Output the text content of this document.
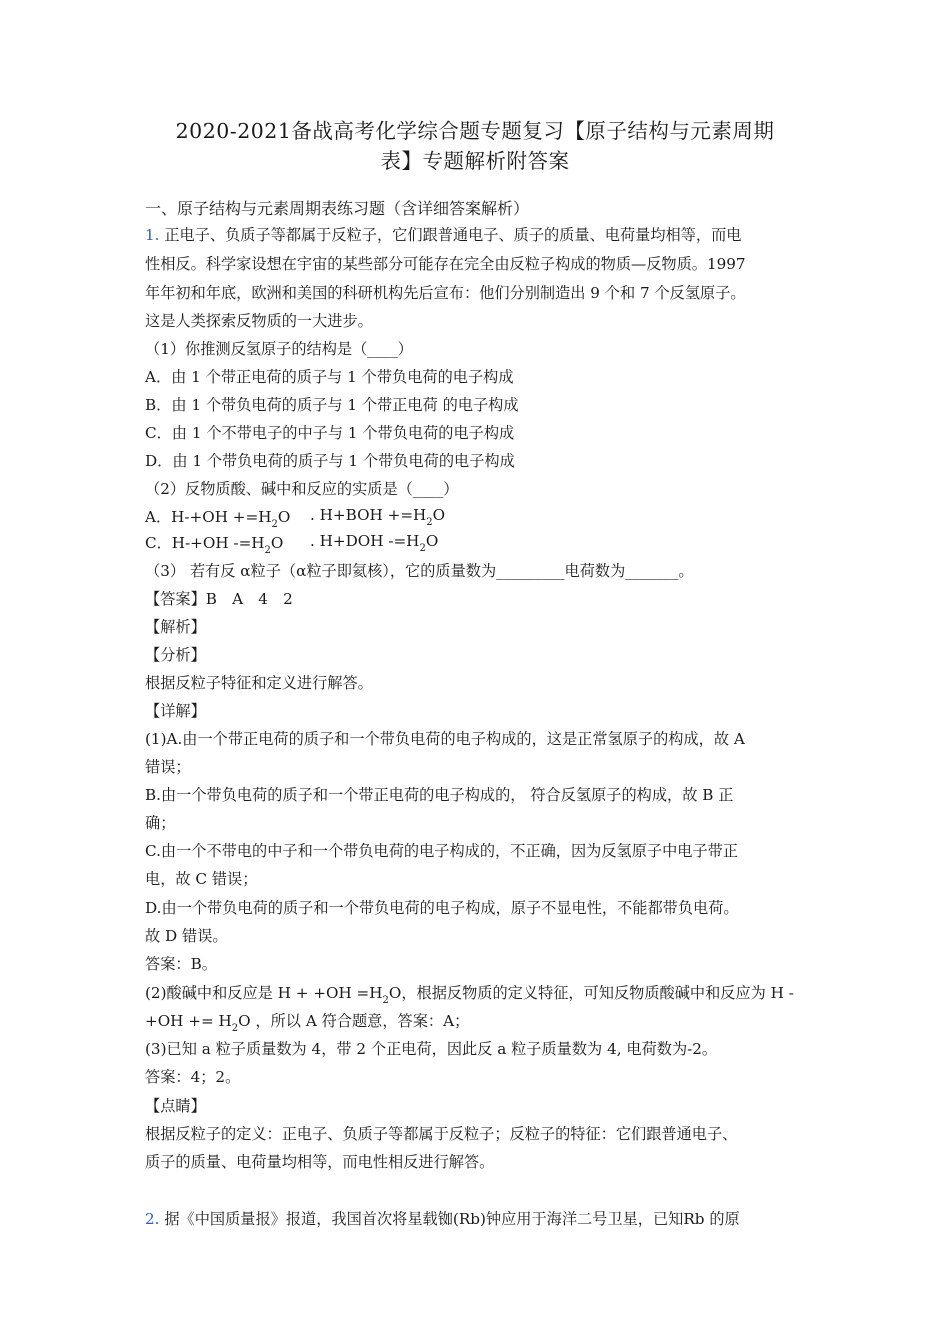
2020-2021备战高考化学综合题专题复习【原子结构与元素周期
表】专题解析附答案
一、原子结构与元素周期表练习题（含详细答案解析）
1. 正电子、负质子等都属于反粒子，它们跟普通电子、质子的质量、电荷量均相等，而电
性相反。科学家设想在宇宙的某些部分可能存在完全由反粒子构成的物质—反物质。1997
年年初和年底，欧洲和美国的科研机构先后宣布：他们分别制造出 9 个和 7 个反氢原子。
这是人类探索反物质的一大进步。
（1）你推测反氢原子的结构是（____）
A．由 1 个带正电荷的质子与 1 个带负电荷的电子构成
B．由 1 个带负电荷的质子与 1 个带正电荷 的电子构成
C．由 1 个不带电子的中子与 1 个带负电荷的电子构成
D．由 1 个带负电荷的质子与 1 个带负电荷的电子构成
（2）反物质酸、碱中和反应的实质是（____）
A．$H-+OH +=H_2O$ . $H+BOH +=H_2O$
C．H-+OH $-=H_2O$ . H+DOH $-=H_2O$
（3） 若有反 α粒子（α粒子即氦核），它的质量数为_________电荷数为_______。
【答案】B　A　4　2
【解析】
【分析】
根据反粒子特征和定义进行解答。
【详解】
(1)A.由一个带正电荷的质子和一个带负电荷的电子构成的，这是正常氢原子的构成，故 A
错误；
B.由一个带负电荷的质子和一个带正电荷的电子构成的， 符合反氢原子的构成，故 B 正
确；
C.由一个不带电的中子和一个带负电荷的电子构成的，不正确，因为反氢原子中电子带正
电，故 C 错误；
D.由一个带负电荷的质子和一个带负电荷的电子构成，原子不显电性，不能都带负电荷。
故 D 错误。
答案：B。
(2)酸碱中和反应是 $H + +OH =H_2O$，根据反物质的定义特征，可知反物质酸碱中和反应为 H -
$+OH += H_2O$ ，所以 A 符合题意，答案：A；
(3)已知 a 粒子质量数为 4，带 2 个正电荷，因此反 a 粒子质量数为 4, 电荷数为-2。
答案：4；2。
【点睛】
根据反粒子的定义：正电子、负质子等都属于反粒子；反粒子的特征：它们跟普通电子、
质子的质量、电荷量均相等，而电性相反进行解答。
2. 据《中国质量报》报道，我国首次将星载铷(Rb)钟应用于海洋二号卫星，已知Rb 的原
